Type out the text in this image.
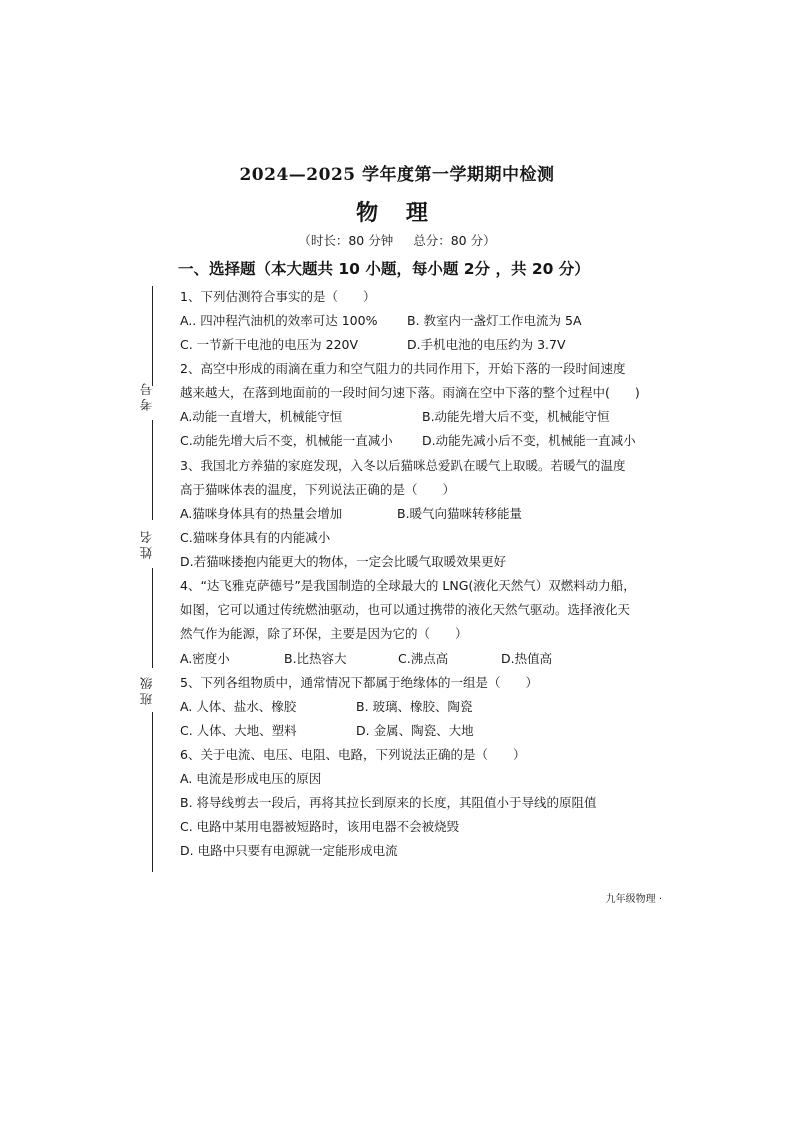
2024—2025 学年度第一学期期中检测
物 理
（时长：80 分钟 总分：80 分）
考号
姓名
班级
一、选择题（本大题共 10 小题，每小题 2分 ，共 20 分）
1、下列估测符合事实的是（　　）
A.. 四冲程汽油机的效率可达 100% B. 教室内一盏灯工作电流为 5A
C. 一节新干电池的电压为 220V	D.手机电池的电压约为 3.7V
2、高空中形成的雨滴在重力和空气阻力的共同作用下，开始下落的一段时间速度
越来越大，在落到地面前的一段时间匀速下落。雨滴在空中下落的整个过程中(　　)
A.动能一直增大，机械能守恒	B.动能先增大后不变，机械能守恒
C.动能先增大后不变，机械能一直减小 D.动能先减小后不变，机械能一直减小
3、我国北方养猫的家庭发现，入冬以后猫咪总爱趴在暖气上取暖。若暖气的温度
高于猫咪体表的温度，下列说法正确的是（　　）
A.猫咪身体具有的热量会增加	B.暖气向猫咪转移能量
C.猫咪身体具有的内能减小
D.若猫咪搂抱内能更大的物体，一定会比暖气取暖效果更好
4、“达飞雅克萨德号”是我国制造的全球最大的 LNG(液化天然气）双燃料动力船，
如图，它可以通过传统燃油驱动，也可以通过携带的液化天然气驱动。选择液化天
然气作为能源，除了环保，主要是因为它的（　　）
A.密度小	B.比热容大	C.沸点高	D.热值高
5、下列各组物质中，通常情况下都属于绝缘体的一组是（　　）
A. 人体、盐水、橡胶	B. 玻璃、橡胶、陶瓷
C. 人体、大地、塑料	D. 金属、陶瓷、大地
6、关于电流、电压、电阻、电路，下列说法正确的是（　　）
A. 电流是形成电压的原因
B. 将导线剪去一段后，再将其拉长到原来的长度，其阻值小于导线的原阻值
C. 电路中某用电器被短路时，该用电器不会被烧毁
D. 电路中只要有电源就一定能形成电流
九年级物理 ·
